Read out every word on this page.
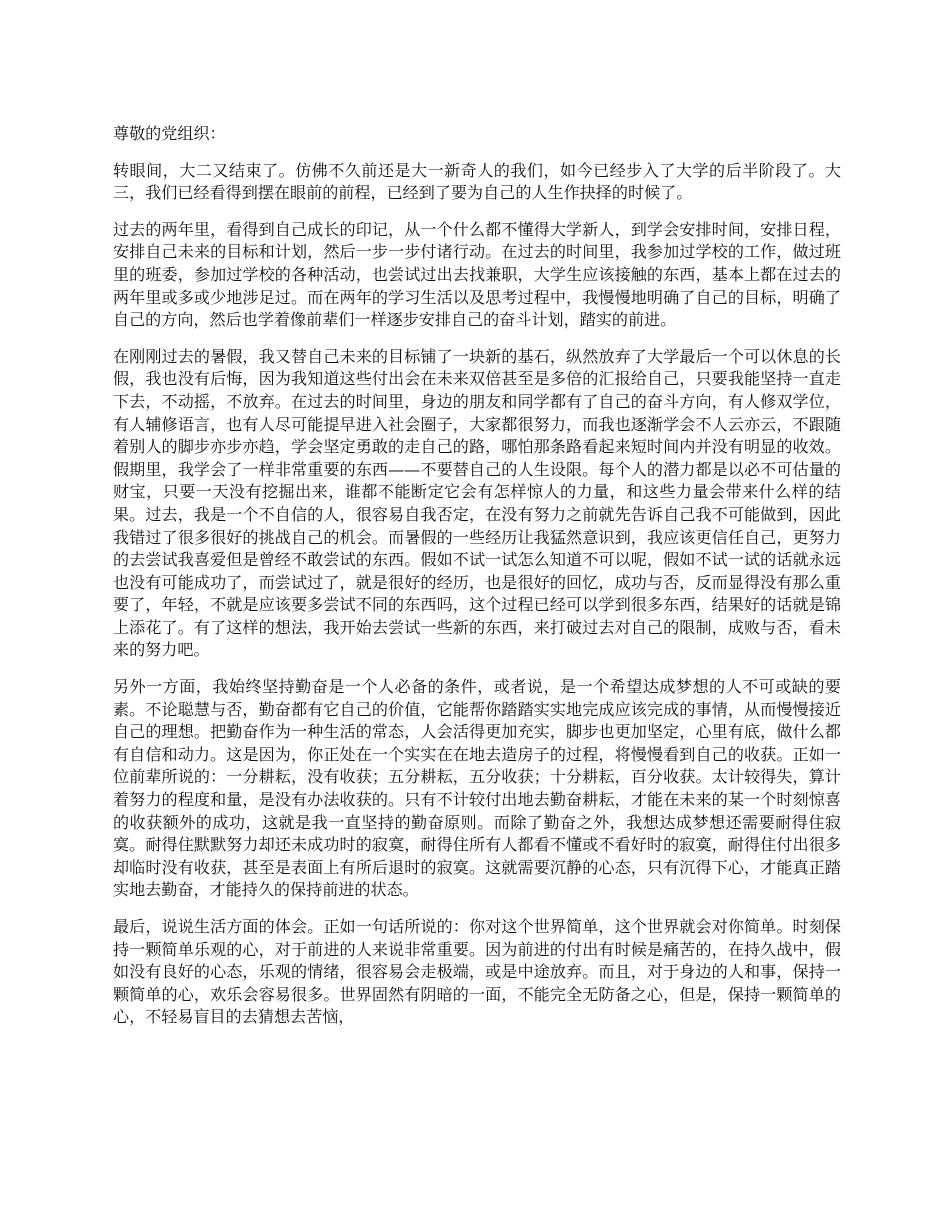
尊敬的党组织：

转眼间，大二又结束了。仿佛不久前还是大一新奇人的我们，如今已经步入了大学的后半阶段了。大三，我们已经看得到摆在眼前的前程，已经到了要为自己的人生作抉择的时候了。

过去的两年里，看得到自己成长的印记，从一个什么都不懂得大学新人，到学会安排时间，安排日程，安排自己未来的目标和计划，然后一步一步付诸行动。在过去的时间里，我参加过学校的工作，做过班里的班委，参加过学校的各种活动，也尝试过出去找兼职，大学生应该接触的东西，基本上都在过去的两年里或多或少地涉足过。而在两年的学习生活以及思考过程中，我慢慢地明确了自己的目标，明确了自己的方向，然后也学着像前辈们一样逐步安排自己的奋斗计划，踏实的前进。

在刚刚过去的暑假，我又替自己未来的目标铺了一块新的基石，纵然放弃了大学最后一个可以休息的长假，我也没有后悔，因为我知道这些付出会在未来双倍甚至是多倍的汇报给自己，只要我能坚持一直走下去，不动摇，不放弃。在过去的时间里，身边的朋友和同学都有了自己的奋斗方向，有人修双学位，有人辅修语言，也有人尽可能提早进入社会圈子，大家都很努力，而我也逐渐学会不人云亦云，不跟随着别人的脚步亦步亦趋，学会坚定勇敢的走自己的路，哪怕那条路看起来短时间内并没有明显的收效。假期里，我学会了一样非常重要的东西——不要替自己的人生设限。每个人的潜力都是以必不可估量的财宝，只要一天没有挖掘出来，谁都不能断定它会有怎样惊人的力量，和这些力量会带来什么样的结果。过去，我是一个不自信的人，很容易自我否定，在没有努力之前就先告诉自己我不可能做到，因此我错过了很多很好的挑战自己的机会。而暑假的一些经历让我猛然意识到，我应该更信任自己，更努力的去尝试我喜爱但是曾经不敢尝试的东西。假如不试一试怎么知道不可以呢，假如不试一试的话就永远也没有可能成功了，而尝试过了，就是很好的经历，也是很好的回忆，成功与否，反而显得没有那么重要了，年轻，不就是应该要多尝试不同的东西吗，这个过程已经可以学到很多东西，结果好的话就是锦上添花了。有了这样的想法，我开始去尝试一些新的东西，来打破过去对自己的限制，成败与否，看未来的努力吧。

另外一方面，我始终坚持勤奋是一个人必备的条件，或者说，是一个希望达成梦想的人不可或缺的要素。不论聪慧与否，勤奋都有它自己的价值，它能帮你踏踏实实地完成应该完成的事情，从而慢慢接近自己的理想。把勤奋作为一种生活的常态，人会活得更加充实，脚步也更加坚定，心里有底，做什么都有自信和动力。这是因为，你正处在一个实实在在地去造房子的过程，将慢慢看到自己的收获。正如一位前辈所说的：一分耕耘，没有收获；五分耕耘，五分收获；十分耕耘，百分收获。太计较得失，算计着努力的程度和量，是没有办法收获的。只有不计较付出地去勤奋耕耘，才能在未来的某一个时刻惊喜的收获额外的成功，这就是我一直坚持的勤奋原则。而除了勤奋之外，我想达成梦想还需要耐得住寂寞。耐得住默默努力却还未成功时的寂寞，耐得住所有人都看不懂或不看好时的寂寞，耐得住付出很多却临时没有收获，甚至是表面上有所后退时的寂寞。这就需要沉静的心态，只有沉得下心，才能真正踏实地去勤奋，才能持久的保持前进的状态。

最后，说说生活方面的体会。正如一句话所说的：你对这个世界简单，这个世界就会对你简单。时刻保持一颗简单乐观的心，对于前进的人来说非常重要。因为前进的付出有时候是痛苦的，在持久战中，假如没有良好的心态，乐观的情绪，很容易会走极端，或是中途放弃。而且，对于身边的人和事，保持一颗简单的心，欢乐会容易很多。世界固然有阴暗的一面，不能完全无防备之心，但是，保持一颗简单的心，不轻易盲目的去猜想去苦恼，
